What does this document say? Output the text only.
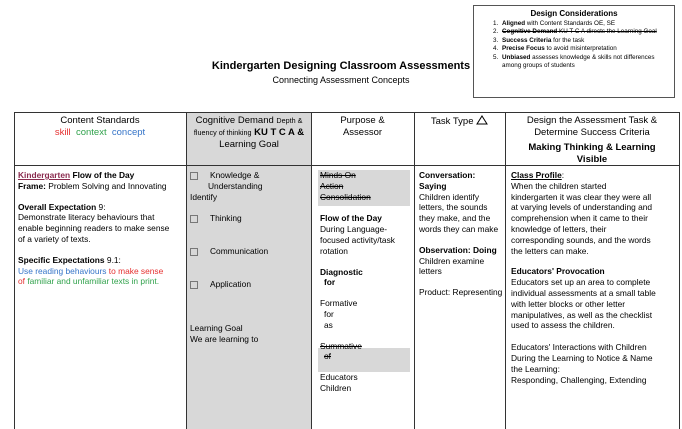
Design Considerations
1. Aligned with Content Standards OE, SE
2. Cognitive Demand KU T C A directs the Learning Goal
3. Success Criteria for the task
4. Precise Focus to avoid misinterpretation
5. Unbiased assesses knowledge & skills not differences among groups of students
Kindergarten Designing Classroom Assessments
Connecting Assessment Concepts
Content Standards
skill context concept
Cognitive Demand Depth & fluency of thinking KU T C A &
Learning Goal
Purpose &
Assessor
Task Type	Design the Assessment Task &
Determine Success Criteria
Making Thinking & Learning
Visible
Kindergarten Flow of the Day
Frame: Problem Solving and Innovating
Overall Expectation 9:
Demonstrate literacy behaviours that
enable beginning readers to make sense
of a variety of texts.
Specific Expectations 9.1:
Use reading behaviours to make sense
of familiar and unfamiliar texts in print.
Knowledge &
Understanding
Identify
Thinking
Communication
Application
Learning Goal
We are learning to
Minds On
Action
Consolidation
Flow of the Day
During Language-
focused activity/task
rotation
Diagnostic
for
Formative
for
as
Summative
of
Educators
Children
Conversation: Saying
Children identify
letters, the sounds
they make, and the
words they can make
Observation: Doing
Children examine
letters
Product: Representing
Class Profile:
When the children started
kindergarten it was clear they were all
at varying levels of understanding and
comprehension when it came to their
knowledge of letters, their
corresponding sounds, and the words
the letters can make.
Educators' Provocation
Educators set up an area to complete
individual assessments at a small table
with letter blocks or other letter
manipulatives, as well as the checklist
used to assess the children.
Educators' Interactions with Children
During the Learning to Notice & Name
the Learning:
Responding, Challenging, Extending
